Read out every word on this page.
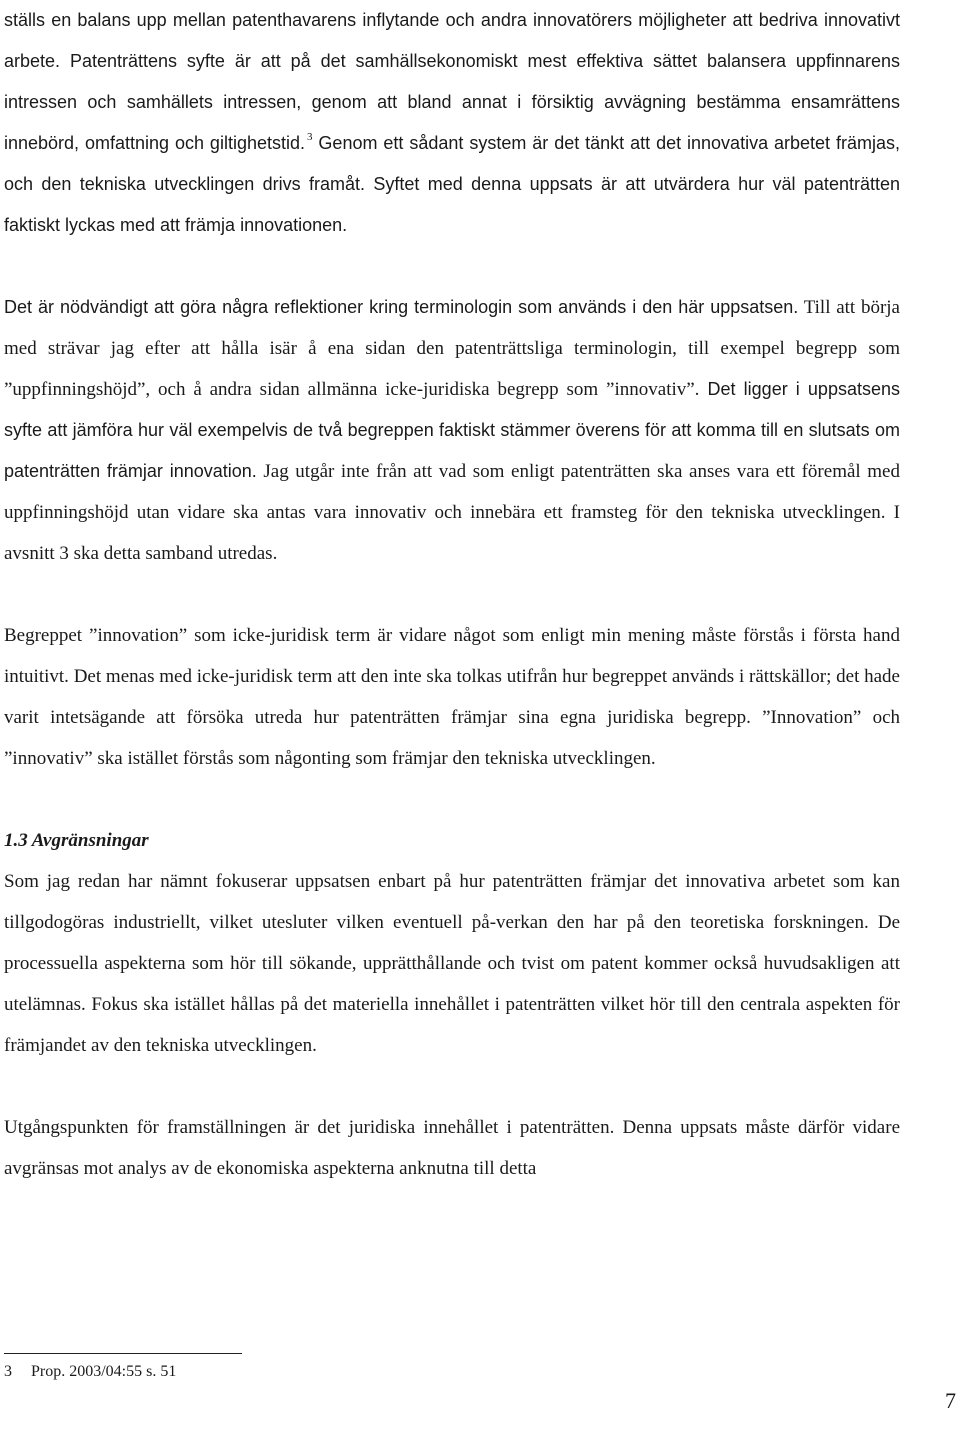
ställs en balans upp mellan patenthavarens inflytande och andra innovatörers möjligheter att bedriva innovativt arbete. Patenträttens syfte är att på det samhällsekonomiskt mest effektiva sättet balansera uppfinnarens intressen och samhällets intressen, genom att bland annat i försiktig avvägning bestämma ensamrättens innebörd, omfattning och giltighetstid. $^3$ Genom ett sådant system är det tänkt att det innovativa arbetet främjas, och den tekniska utvecklingen drivs framåt. Syftet med denna uppsats är att utvärdera hur väl patenträtten faktiskt lyckas med att främja innovationen.

Det är nödvändigt att göra några reflektioner kring terminologin som används i den här uppsatsen. Till att börja med strävar jag efter att hålla isär å ena sidan den patenträttsliga terminologin, till exempel begrepp som ”uppfinningshöjd”, och å andra sidan allmänna icke-juridiska begrepp som ”innovativ”. Det ligger i uppsatsens syfte att jämföra hur väl exempelvis de två begreppen faktiskt stämmer överens för att komma till en slutsats om patenträtten främjar innovation. Jag utgår inte från att vad som enligt patenträtten ska anses vara ett föremål med uppfinningshöjd utan vidare ska antas vara innovativ och innebära ett framsteg för den tekniska utvecklingen. I avsnitt 3 ska detta samband utredas.

Begreppet ”innovation” som icke-juridisk term är vidare något som enligt min mening måste förstås i första hand intuitivt. Det menas med icke-juridisk term att den inte ska tolkas utifrån hur begreppet används i rättskällor; det hade varit intetsägande att försöka utreda hur patenträtten främjar sina egna juridiska begrepp. ”Innovation” och ”innovativ” ska istället förstås som någonting som främjar den tekniska utvecklingen.

1.3 Avgränsningar

Som jag redan har nämnt fokuserar uppsatsen enbart på hur patenträtten främjar det innovativa arbetet som kan tillgodogöras industriellt, vilket utesluter vilken eventuell på-verkan den har på den teoretiska forskningen. De processuella aspekterna som hör till sökande, upprätthållande och tvist om patent kommer också huvudsakligen att utelämnas. Fokus ska istället hållas på det materiella innehållet i patenträtten vilket hör till den centrala aspekten för främjandet av den tekniska utvecklingen.

Utgångspunkten för framställningen är det juridiska innehållet i patenträtten. Denna uppsats måste därför vidare avgränsas mot analys av de ekonomiska aspekterna anknutna till detta

3 Prop. 2003/04:55 s. 51
7
